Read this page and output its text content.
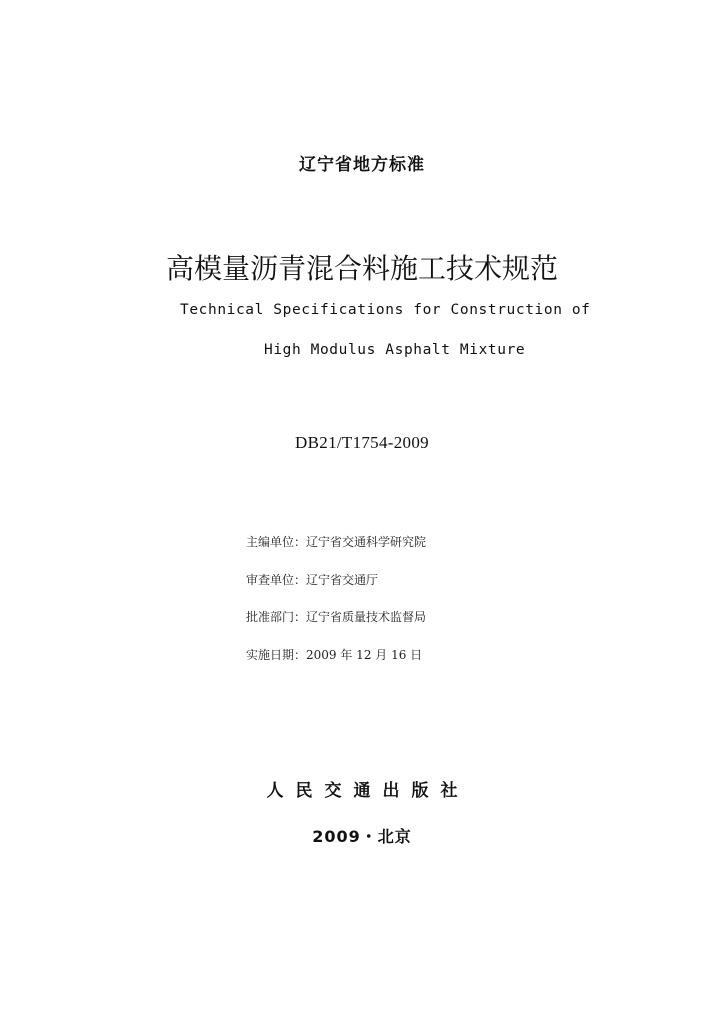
辽宁省地方标准
高模量沥青混合料施工技术规范
Technical Specifications for Construction of
High Modulus Asphalt Mixture
DB21/T1754-2009
主编单位：辽宁省交通科学研究院
审查单位：辽宁省交通厅
批准部门：辽宁省质量技术监督局
实施日期：2009 年 12 月 16 日
人民交通出版社
2009・北京
